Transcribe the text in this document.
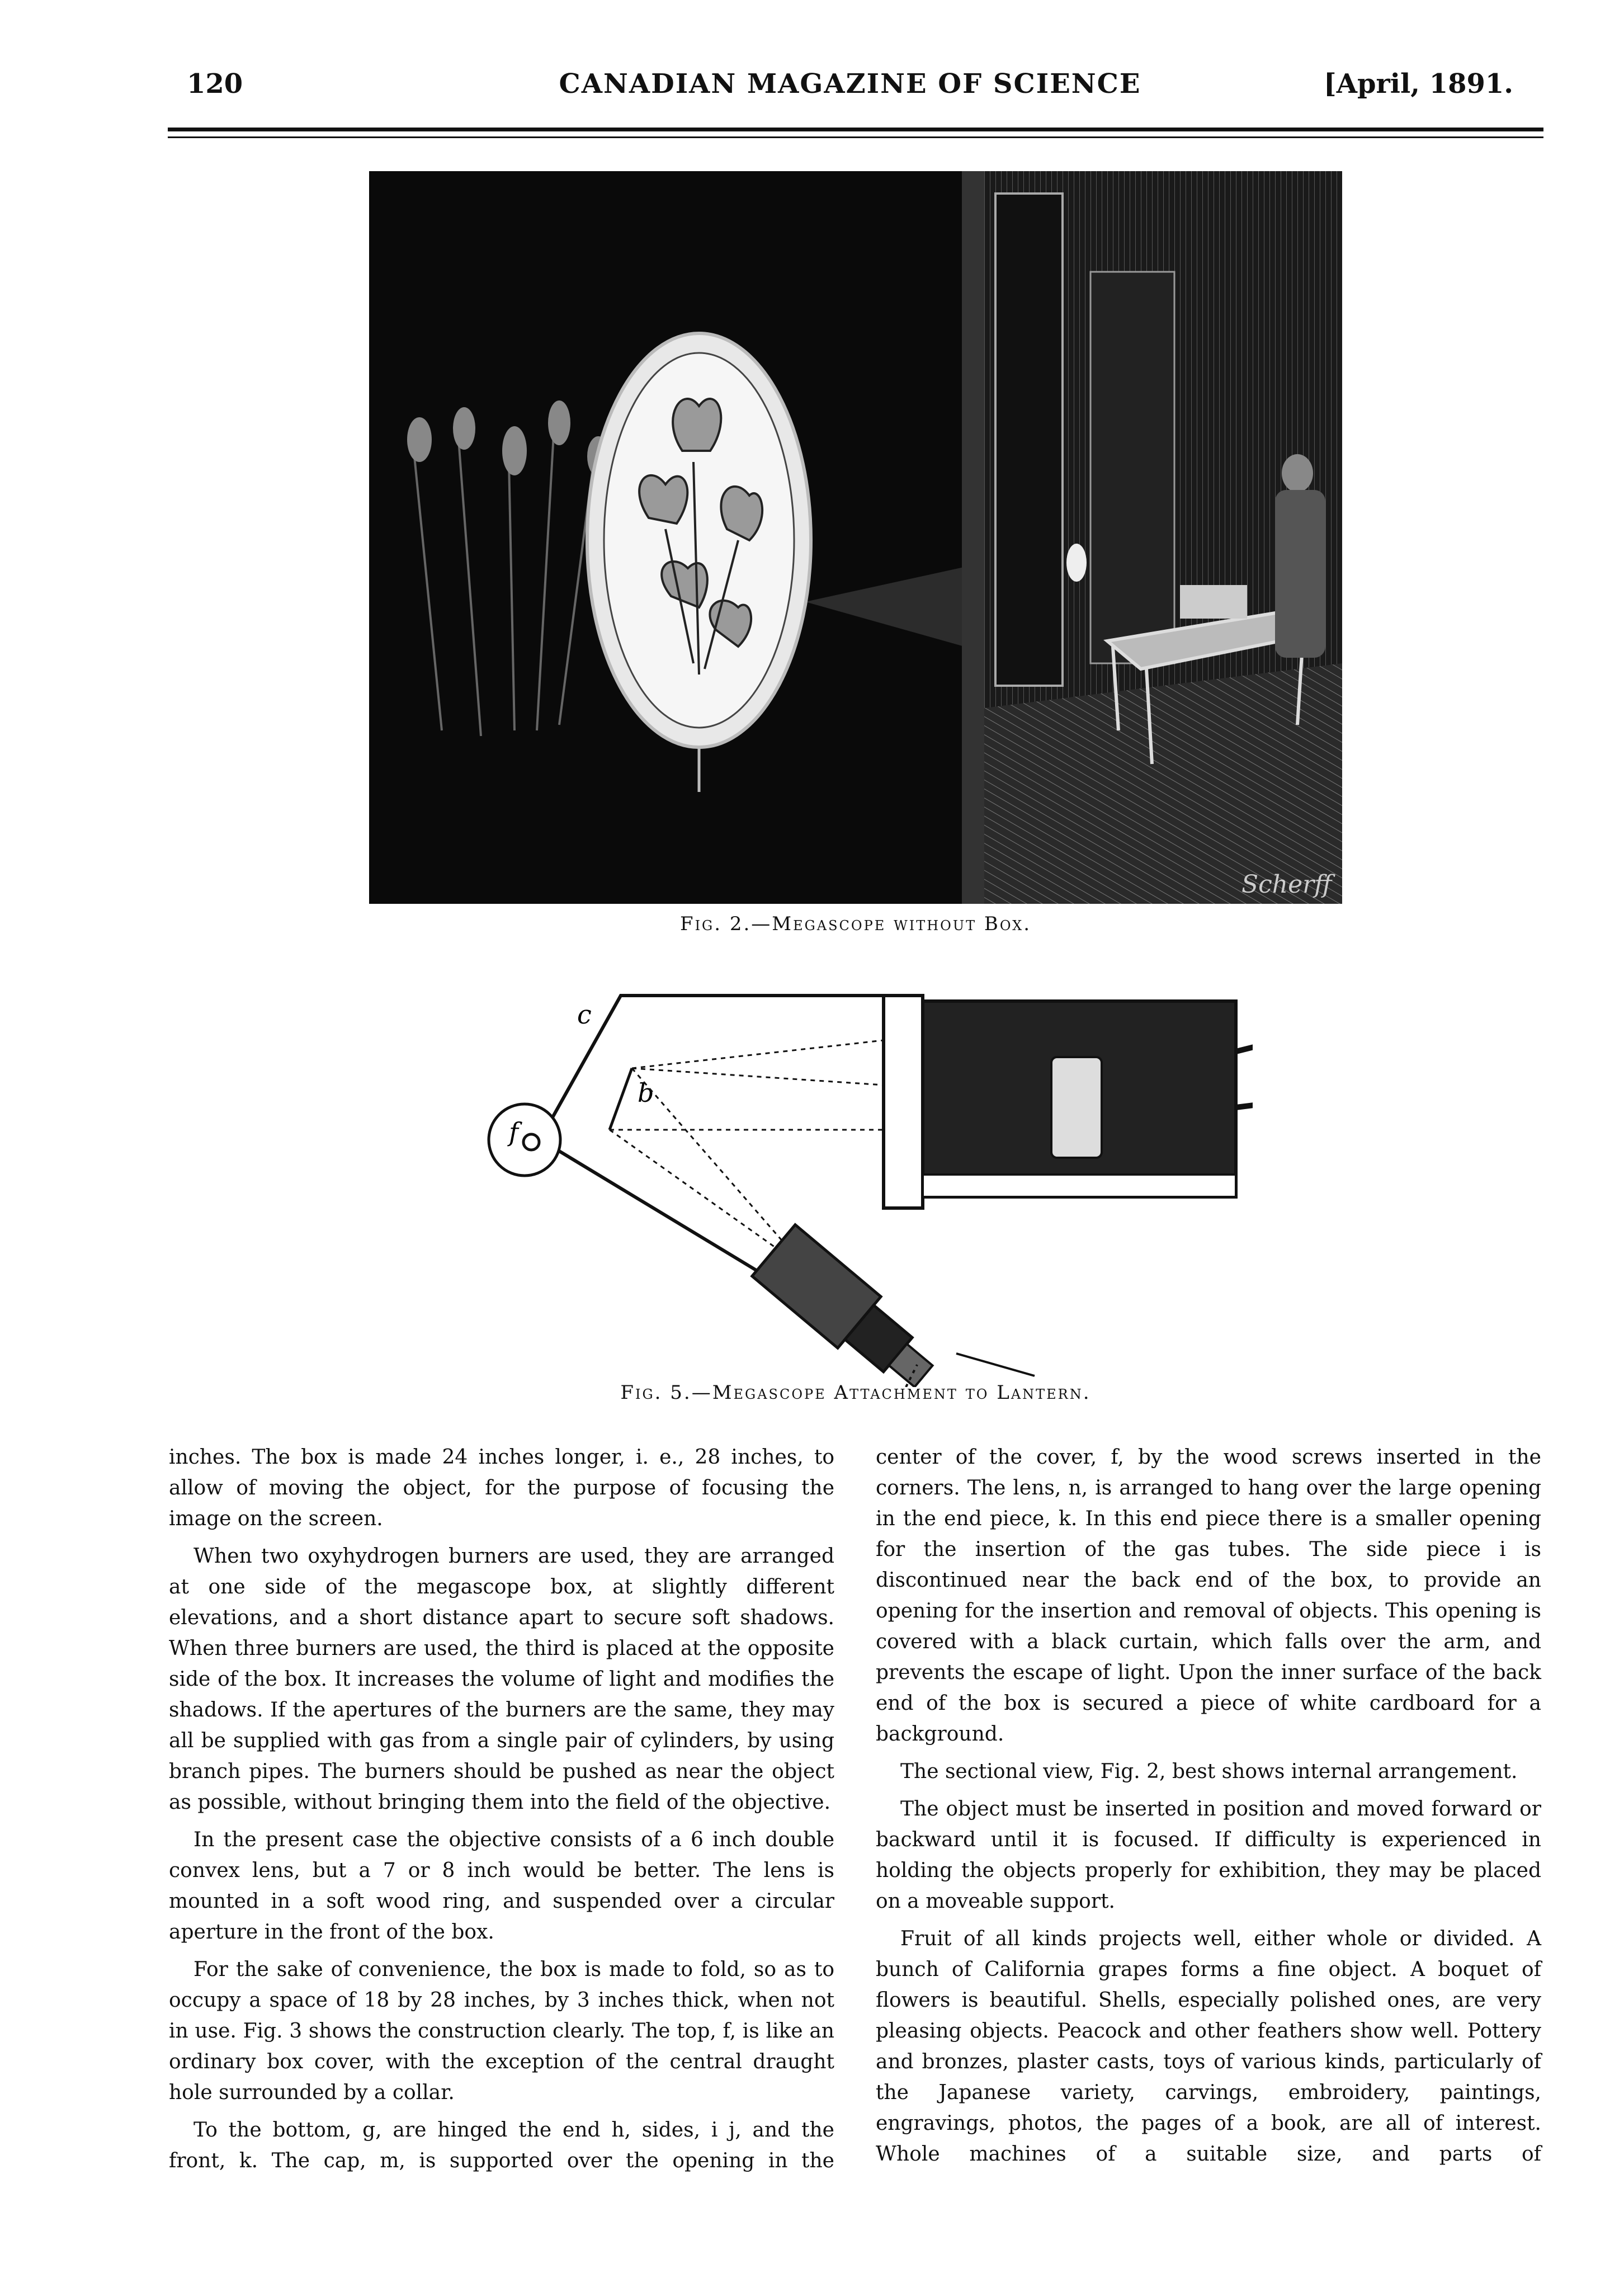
CANADIAN MAGAZINE OF SCIENCE
120	[April, 1891.
Scherff
Fig. 2.—Megascope without Box.
f
c
b
Fig. 5.—Megascope Attachment to Lantern.

inches. The box is made 24 inches longer, i. e., 28 inches, to allow of moving the object, for the purpose of focusing the image on the screen.

When two oxyhydrogen burners are used, they are arranged at one side of the megascope box, at slightly different elevations, and a short distance apart to secure soft shadows. When three burners are used, the third is placed at the opposite side of the box. It increases the volume of light and modifies the shadows. If the apertures of the burners are the same, they may all be supplied with gas from a single pair of cylinders, by using branch pipes. The burners should be pushed as near the object as possible, without bringing them into the field of the objective.

In the present case the objective consists of a 6 inch double convex lens, but a 7 or 8 inch would be better. The lens is mounted in a soft wood ring, and suspended over a circular aperture in the front of the box.

For the sake of convenience, the box is made to fold, so as to occupy a space of 18 by 28 inches, by 3 inches thick, when not in use. Fig. 3 shows the construction clearly. The top, f, is like an ordinary box cover, with the exception of the central draught hole surrounded by a collar.

To the bottom, g, are hinged the end h, sides, i j, and the front, k. The cap, m, is supported over the opening in the

center of the cover, f, by the wood screws inserted in the corners. The lens, n, is arranged to hang over the large opening in the end piece, k. In this end piece there is a smaller opening for the insertion of the gas tubes. The side piece i is discontinued near the back end of the box, to provide an opening for the insertion and removal of objects. This opening is covered with a black curtain, which falls over the arm, and prevents the escape of light. Upon the inner surface of the back end of the box is secured a piece of white cardboard for a background.

The sectional view, Fig. 2, best shows internal arrangement.

The object must be inserted in position and moved forward or backward until it is focused. If difficulty is experienced in holding the objects properly for exhibition, they may be placed on a moveable support.

Fruit of all kinds projects well, either whole or divided. A bunch of California grapes forms a fine object. A boquet of flowers is beautiful. Shells, especially polished ones, are very pleasing objects. Peacock and other feathers show well. Pottery and bronzes, plaster casts, toys of various kinds, particularly of the Japanese variety, carvings, embroidery, paintings, engravings, photos, the pages of a book, are all of interest. Whole machines of a suitable size, and parts of
